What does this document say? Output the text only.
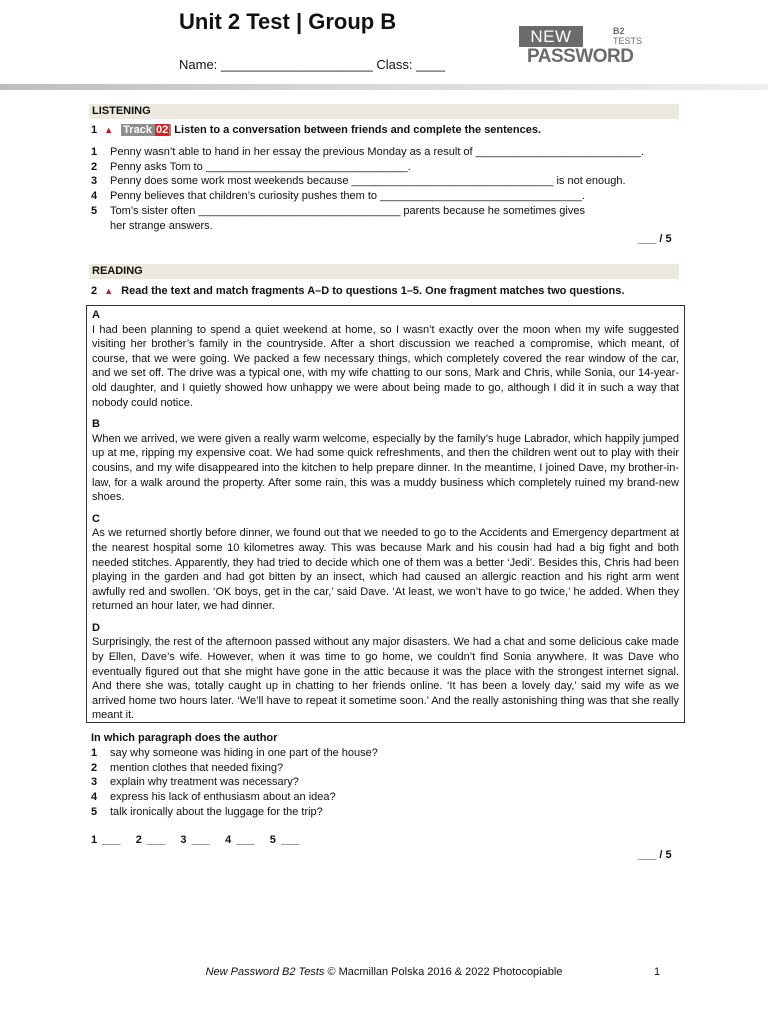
Unit 2 Test | Group B
Name: _____________________ Class: ____
NEW	B2
TESTS
PASSWORD
LISTENING
1 ▲ Track 02 Listen to a conversation between friends and complete the sentences.
1 Penny wasn’t able to hand in her essay the previous Monday as a result of ___________________________.
2 Penny asks Tom to _________________________________.
3 Penny does some work most weekends because _________________________________ is not enough.
4 Penny believes that children’s curiosity pushes them to _________________________________.
5 Tom’s sister often _________________________________ parents because he sometimes gives
her strange answers.
___ / 5
READING
2 ▲ Read the text and match fragments A–D to questions 1–5. One fragment matches two questions.
A
I had been planning to spend a quiet weekend at home, so I wasn’t exactly over the moon when my wife suggested visiting her brother’s family in the countryside. After a short discussion we reached a compromise, which meant, of course, that we were going. We packed a few necessary things, which completely covered the rear window of the car, and we set off. The drive was a typical one, with my wife chatting to our sons, Mark and Chris, while Sonia, our 14-year-old daughter, and I quietly showed how unhappy we were about being made to go, although I did it in such a way that nobody could notice.
B
When we arrived, we were given a really warm welcome, especially by the family’s huge Labrador, which happily jumped up at me, ripping my expensive coat. We had some quick refreshments, and then the children went out to play with their cousins, and my wife disappeared into the kitchen to help prepare dinner. In the meantime, I joined Dave, my brother-in-law, for a walk around the property. After some rain, this was a muddy business which completely ruined my brand-new shoes.
C
As we returned shortly before dinner, we found out that we needed to go to the Accidents and Emergency department at the nearest hospital some 10 kilometres away. This was because Mark and his cousin had had a big fight and both needed stitches. Apparently, they had tried to decide which one of them was a better ‘Jedi’. Besides this, Chris had been playing in the garden and had got bitten by an insect, which had caused an allergic reaction and his right arm went awfully red and swollen. ‘OK boys, get in the car,’ said Dave. ‘At least, we won’t have to go twice,’ he added. When they returned an hour later, we had dinner.
D
Surprisingly, the rest of the afternoon passed without any major disasters. We had a chat and some delicious cake made by Ellen, Dave’s wife. However, when it was time to go home, we couldn’t find Sonia anywhere. It was Dave who eventually figured out that she might have gone in the attic because it was the place with the strongest internet signal. And there she was, totally caught up in chatting to her friends online. ‘It has been a lovely day,’ said my wife as we arrived home two hours later. ‘We’ll have to repeat it sometime soon.’ And the really astonishing thing was that she really meant it.
In which paragraph does the author
1 say why someone was hiding in one part of the house?
2 mention clothes that needed fixing?
3 explain why treatment was necessary?
4 express his lack of enthusiasm about an idea?
5 talk ironically about the luggage for the trip?
1 ___   2 ___   3 ___   4 ___   5 ___
___ / 5
New Password B2 Tests © Macmillan Polska 2016 & 2022 Photocopiable	1
